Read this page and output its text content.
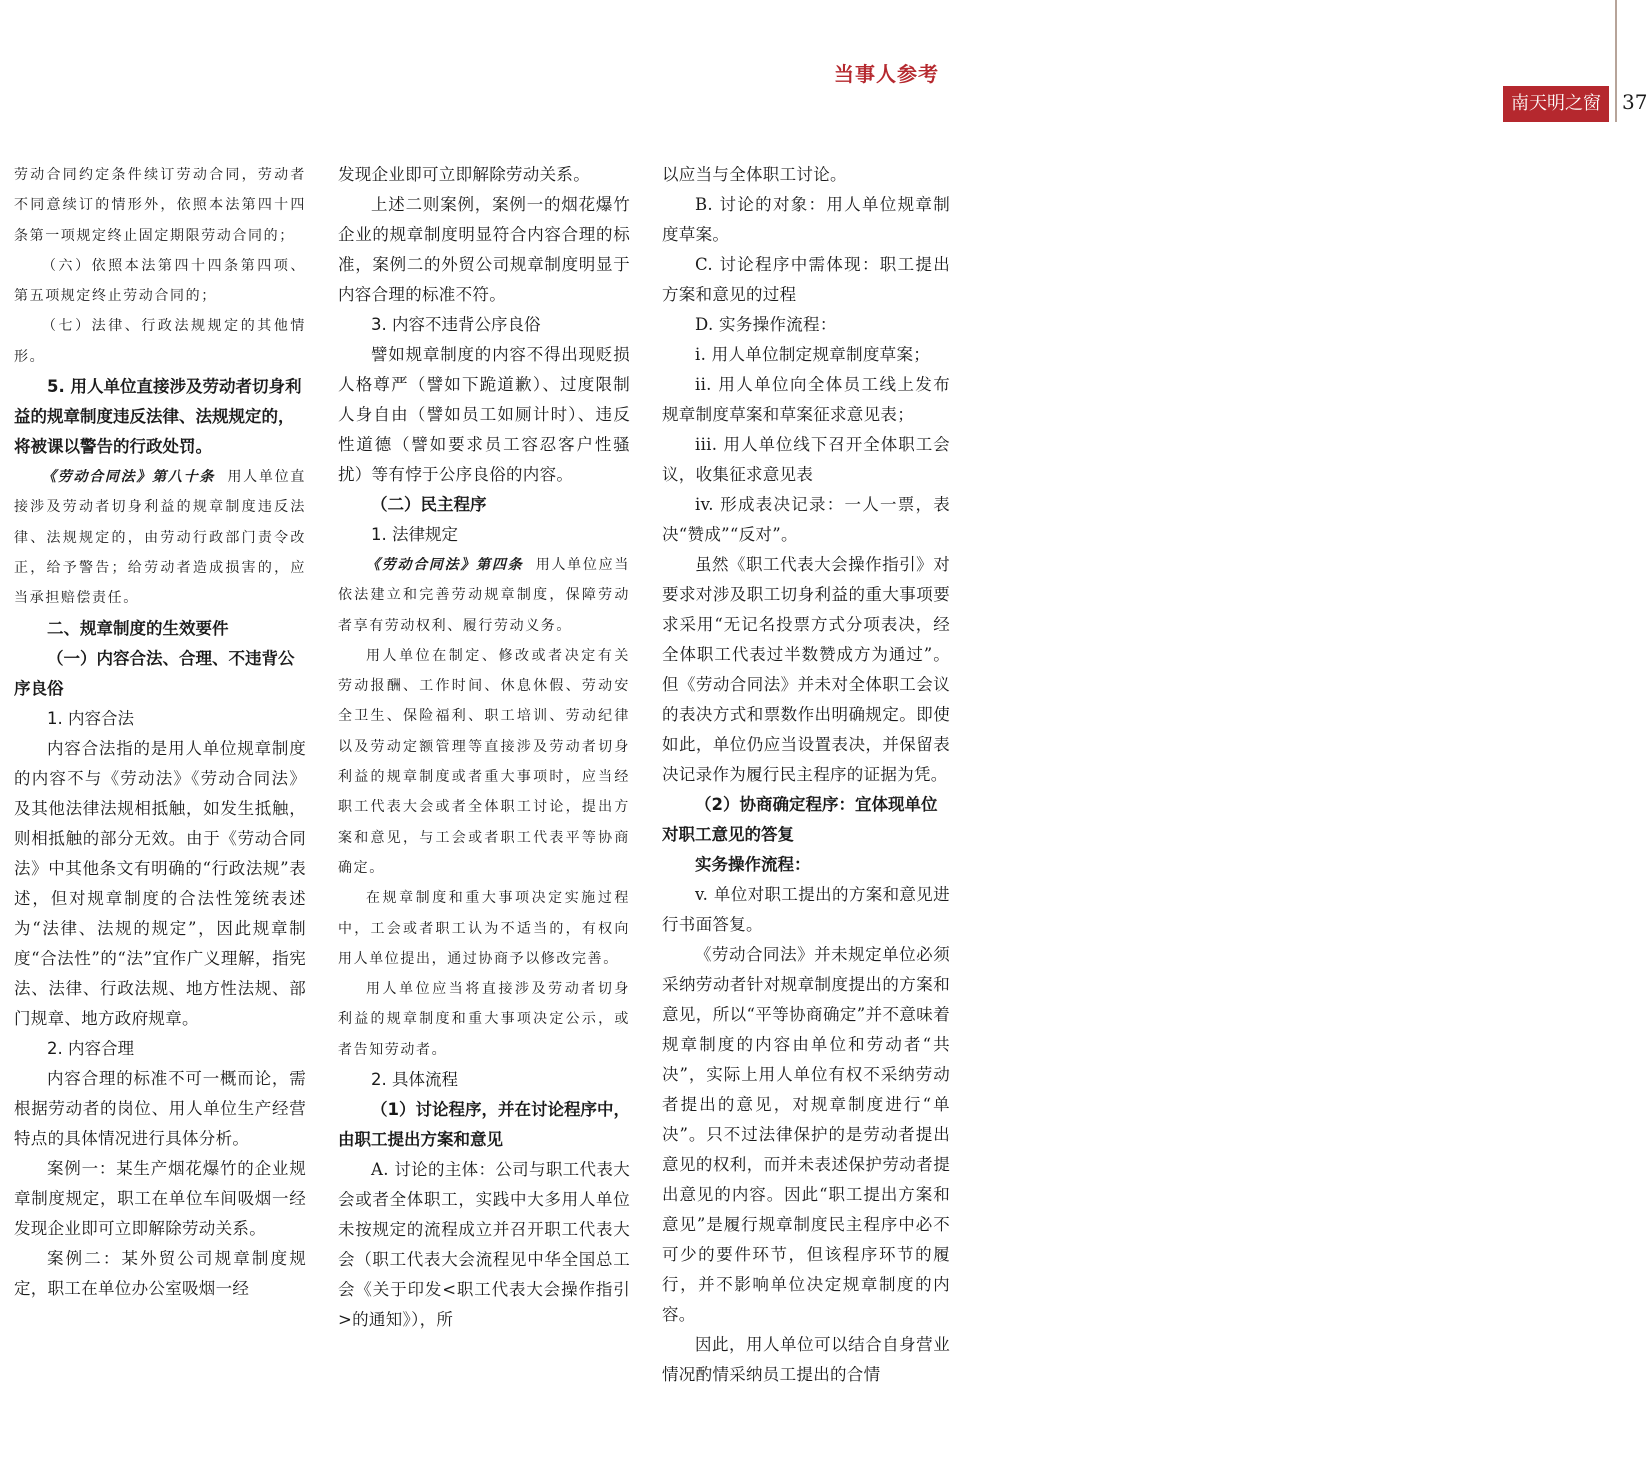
当事人参考
南天明之窗	37

劳动合同约定条件续订劳动合同，劳动者不同意续订的情形外，依照本法第四十四条第一项规定终止固定期限劳动合同的；

（六）依照本法第四十四条第四项、第五项规定终止劳动合同的；

（七）法律、行政法规规定的其他情形。

5. 用人单位直接涉及劳动者切身利益的规章制度违反法律、法规规定的，将被课以警告的行政处罚。

《劳动合同法》第八十条 用人单位直接涉及劳动者切身利益的规章制度违反法律、法规规定的，由劳动行政部门责令改正，给予警告；给劳动者造成损害的，应当承担赔偿责任。

二、规章制度的生效要件

（一）内容合法、合理、不违背公序良俗

1. 内容合法

内容合法指的是用人单位规章制度的内容不与《劳动法》《劳动合同法》及其他法律法规相抵触，如发生抵触，则相抵触的部分无效。由于《劳动合同法》中其他条文有明确的“行政法规”表述，但对规章制度的合法性笼统表述为“法律、法规的规定”，因此规章制度“合法性”的“法”宜作广义理解，指宪法、法律、行政法规、地方性法规、部门规章、地方政府规章。

2. 内容合理

内容合理的标准不可一概而论，需根据劳动者的岗位、用人单位生产经营特点的具体情况进行具体分析。

案例一：某生产烟花爆竹的企业规章制度规定，职工在单位车间吸烟一经发现企业即可立即解除劳动关系。

案例二：某外贸公司规章制度规定，职工在单位办公室吸烟一经

发现企业即可立即解除劳动关系。

上述二则案例，案例一的烟花爆竹企业的规章制度明显符合内容合理的标准，案例二的外贸公司规章制度明显于内容合理的标准不符。

3. 内容不违背公序良俗

譬如规章制度的内容不得出现贬损人格尊严（譬如下跪道歉）、过度限制人身自由（譬如员工如厕计时）、违反性道德（譬如要求员工容忍客户性骚扰）等有悖于公序良俗的内容。

（二）民主程序

1. 法律规定

《劳动合同法》第四条 用人单位应当依法建立和完善劳动规章制度，保障劳动者享有劳动权利、履行劳动义务。

用人单位在制定、修改或者决定有关劳动报酬、工作时间、休息休假、劳动安全卫生、保险福利、职工培训、劳动纪律以及劳动定额管理等直接涉及劳动者切身利益的规章制度或者重大事项时，应当经职工代表大会或者全体职工讨论，提出方案和意见，与工会或者职工代表平等协商确定。

在规章制度和重大事项决定实施过程中，工会或者职工认为不适当的，有权向用人单位提出，通过协商予以修改完善。

用人单位应当将直接涉及劳动者切身利益的规章制度和重大事项决定公示，或者告知劳动者。

2. 具体流程

（1）讨论程序，并在讨论程序中，由职工提出方案和意见

A. 讨论的主体：公司与职工代表大会或者全体职工，实践中大多用人单位未按规定的流程成立并召开职工代表大会（职工代表大会流程见中华全国总工会《关于印发<职工代表大会操作指引>的通知》），所

以应当与全体职工讨论。

B. 讨论的对象：用人单位规章制度草案。

C. 讨论程序中需体现：职工提出方案和意见的过程

D. 实务操作流程：

i. 用人单位制定规章制度草案；

ii. 用人单位向全体员工线上发布规章制度草案和草案征求意见表；

iii. 用人单位线下召开全体职工会议，收集征求意见表

iv. 形成表决记录：一人一票，表决“赞成”“反对”。

虽然《职工代表大会操作指引》对要求对涉及职工切身利益的重大事项要求采用“无记名投票方式分项表决，经全体职工代表过半数赞成方为通过”。但《劳动合同法》并未对全体职工会议的表决方式和票数作出明确规定。即使如此，单位仍应当设置表决，并保留表决记录作为履行民主程序的证据为凭。

（2）协商确定程序：宜体现单位对职工意见的答复

实务操作流程：

v. 单位对职工提出的方案和意见进行书面答复。

《劳动合同法》并未规定单位必须采纳劳动者针对规章制度提出的方案和意见，所以“平等协商确定”并不意味着规章制度的内容由单位和劳动者“共决”，实际上用人单位有权不采纳劳动者提出的意见，对规章制度进行“单决”。只不过法律保护的是劳动者提出意见的权利，而并未表述保护劳动者提出意见的内容。因此“职工提出方案和意见”是履行规章制度民主程序中必不可少的要件环节，但该程序环节的履行，并不影响单位决定规章制度的内容。

因此，用人单位可以结合自身营业情况酌情采纳员工提出的合情
